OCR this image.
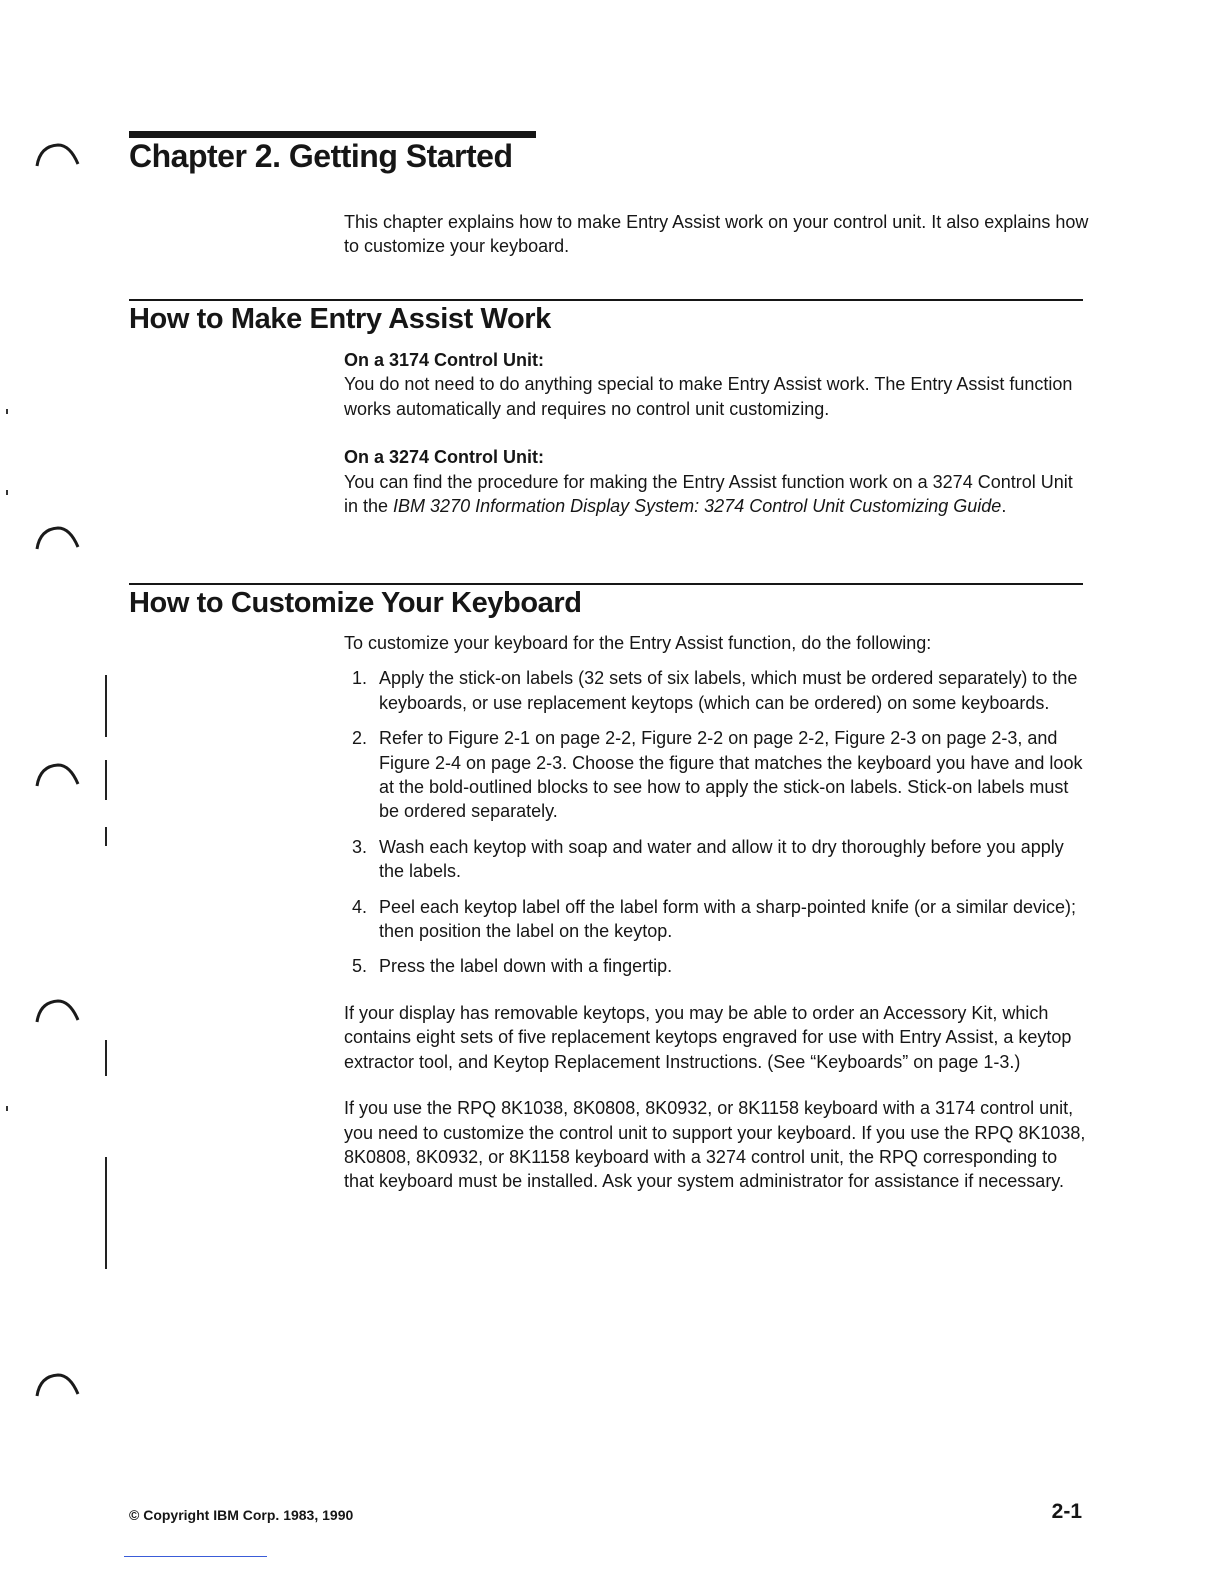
Chapter 2. Getting Started

This chapter explains how to make Entry Assist work on your control unit. It also explains how to customize your keyboard.

How to Make Entry Assist Work

On a 3174 Control Unit:

You do not need to do anything special to make Entry Assist work. The Entry Assist function works automatically and requires no control unit customizing.

On a 3274 Control Unit:

You can find the procedure for making the Entry Assist function work on a 3274 Control Unit in the IBM 3270 Information Display System: 3274 Control Unit Customizing Guide.

How to Customize Your Keyboard

To customize your keyboard for the Entry Assist function, do the following:

1. Apply the stick-on labels (32 sets of six labels, which must be ordered separately) to the keyboards, or use replacement keytops (which can be ordered) on some keyboards.
2. Refer to Figure 2-1 on page 2-2, Figure 2-2 on page 2-2, Figure 2-3 on page 2-3, and Figure 2-4 on page 2-3. Choose the figure that matches the keyboard you have and look at the bold-outlined blocks to see how to apply the stick-on labels. Stick-on labels must be ordered separately.
3. Wash each keytop with soap and water and allow it to dry thoroughly before you apply the labels.
4. Peel each keytop label off the label form with a sharp-pointed knife (or a similar device); then position the label on the keytop.
5. Press the label down with a fingertip.

If your display has removable keytops, you may be able to order an Accessory Kit, which contains eight sets of five replacement keytops engraved for use with Entry Assist, a keytop extractor tool, and Keytop Replacement Instructions. (See “Keyboards” on page 1-3.)

If you use the RPQ 8K1038, 8K0808, 8K0932, or 8K1158 keyboard with a 3174 control unit, you need to customize the control unit to support your keyboard. If you use the RPQ 8K1038, 8K0808, 8K0932, or 8K1158 keyboard with a 3274 control unit, the RPQ corresponding to that keyboard must be installed. Ask your system administrator for assistance if necessary.

© Copyright IBM Corp. 1983, 1990	2-1
